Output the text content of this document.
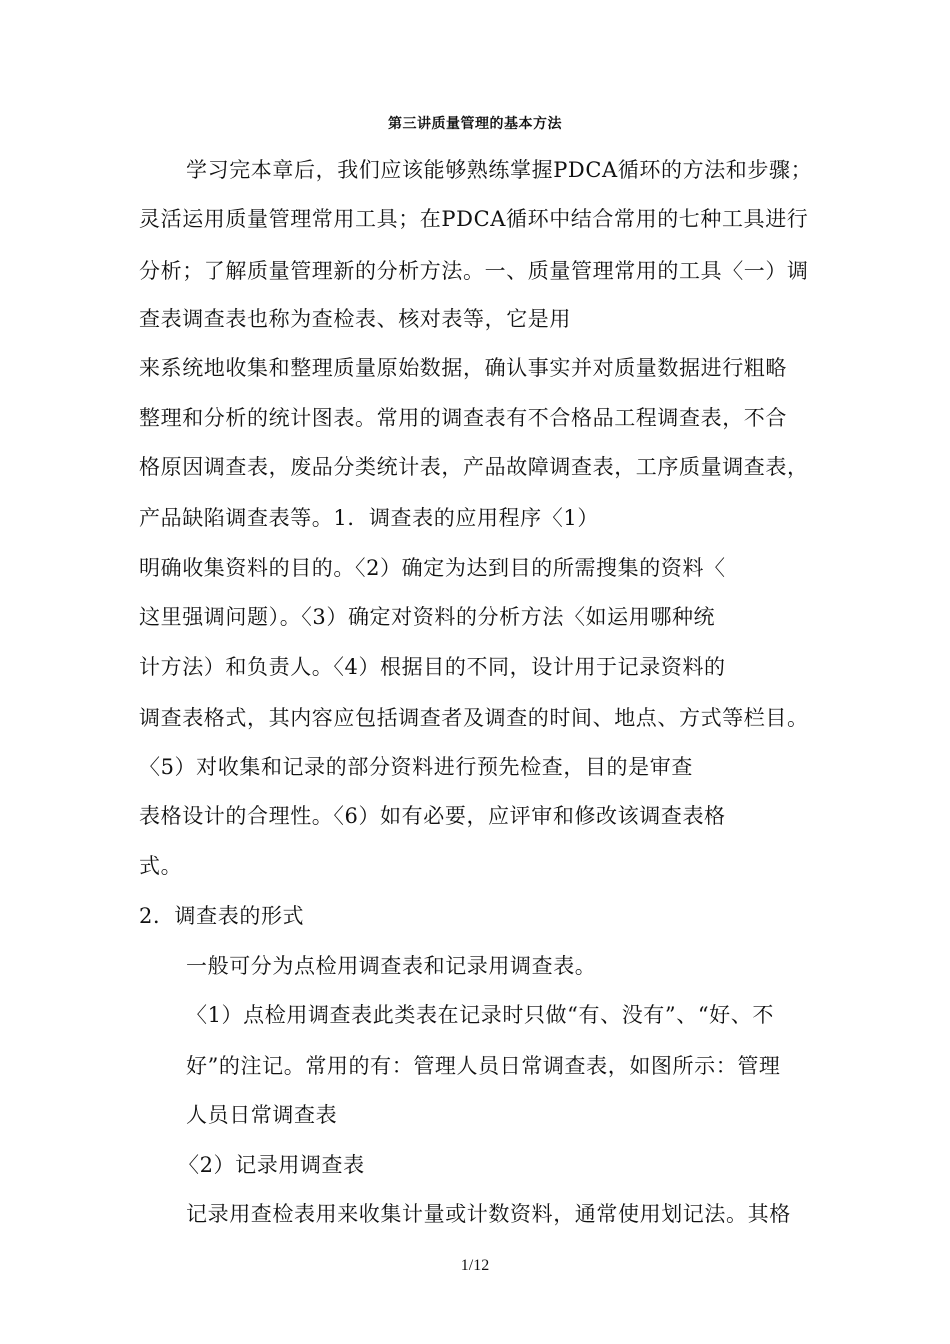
第三讲质量管理的基本方法
学习完本章后，我们应该能够熟练掌握PDCA循环的方法和步骤；
灵活运用质量管理常用工具；在PDCA循环中结合常用的七种工具进行
分析；了解质量管理新的分析方法。一、质量管理常用的工具〈一）调
查表调查表也称为查检表、核对表等，它是用
来系统地收集和整理质量原始数据，确认事实并对质量数据进行粗略
整理和分析的统计图表。常用的调查表有不合格品工程调查表，不合
格原因调查表，废品分类统计表，产品故障调查表，工序质量调查表，
产品缺陷调查表等。1．调查表的应用程序〈1）
明确收集资料的目的。〈2）确定为达到目的所需搜集的资料〈
这里强调问题）。〈3）确定对资料的分析方法〈如运用哪种统
计方法）和负责人。〈4）根据目的不同，设计用于记录资料的
调查表格式，其内容应包括调查者及调查的时间、地点、方式等栏目。
〈5）对收集和记录的部分资料进行预先检查，目的是审查
表格设计的合理性。〈6）如有必要，应评审和修改该调查表格
式。
2．调查表的形式
一般可分为点检用调查表和记录用调查表。
〈1）点检用调查表此类表在记录时只做“有、没有”、“好、不
好”的注记。常用的有：管理人员日常调查表，如图所示：管理
人员日常调查表
〈2）记录用调查表
记录用查检表用来收集计量或计数资料，通常使用划记法。其格
1/12
